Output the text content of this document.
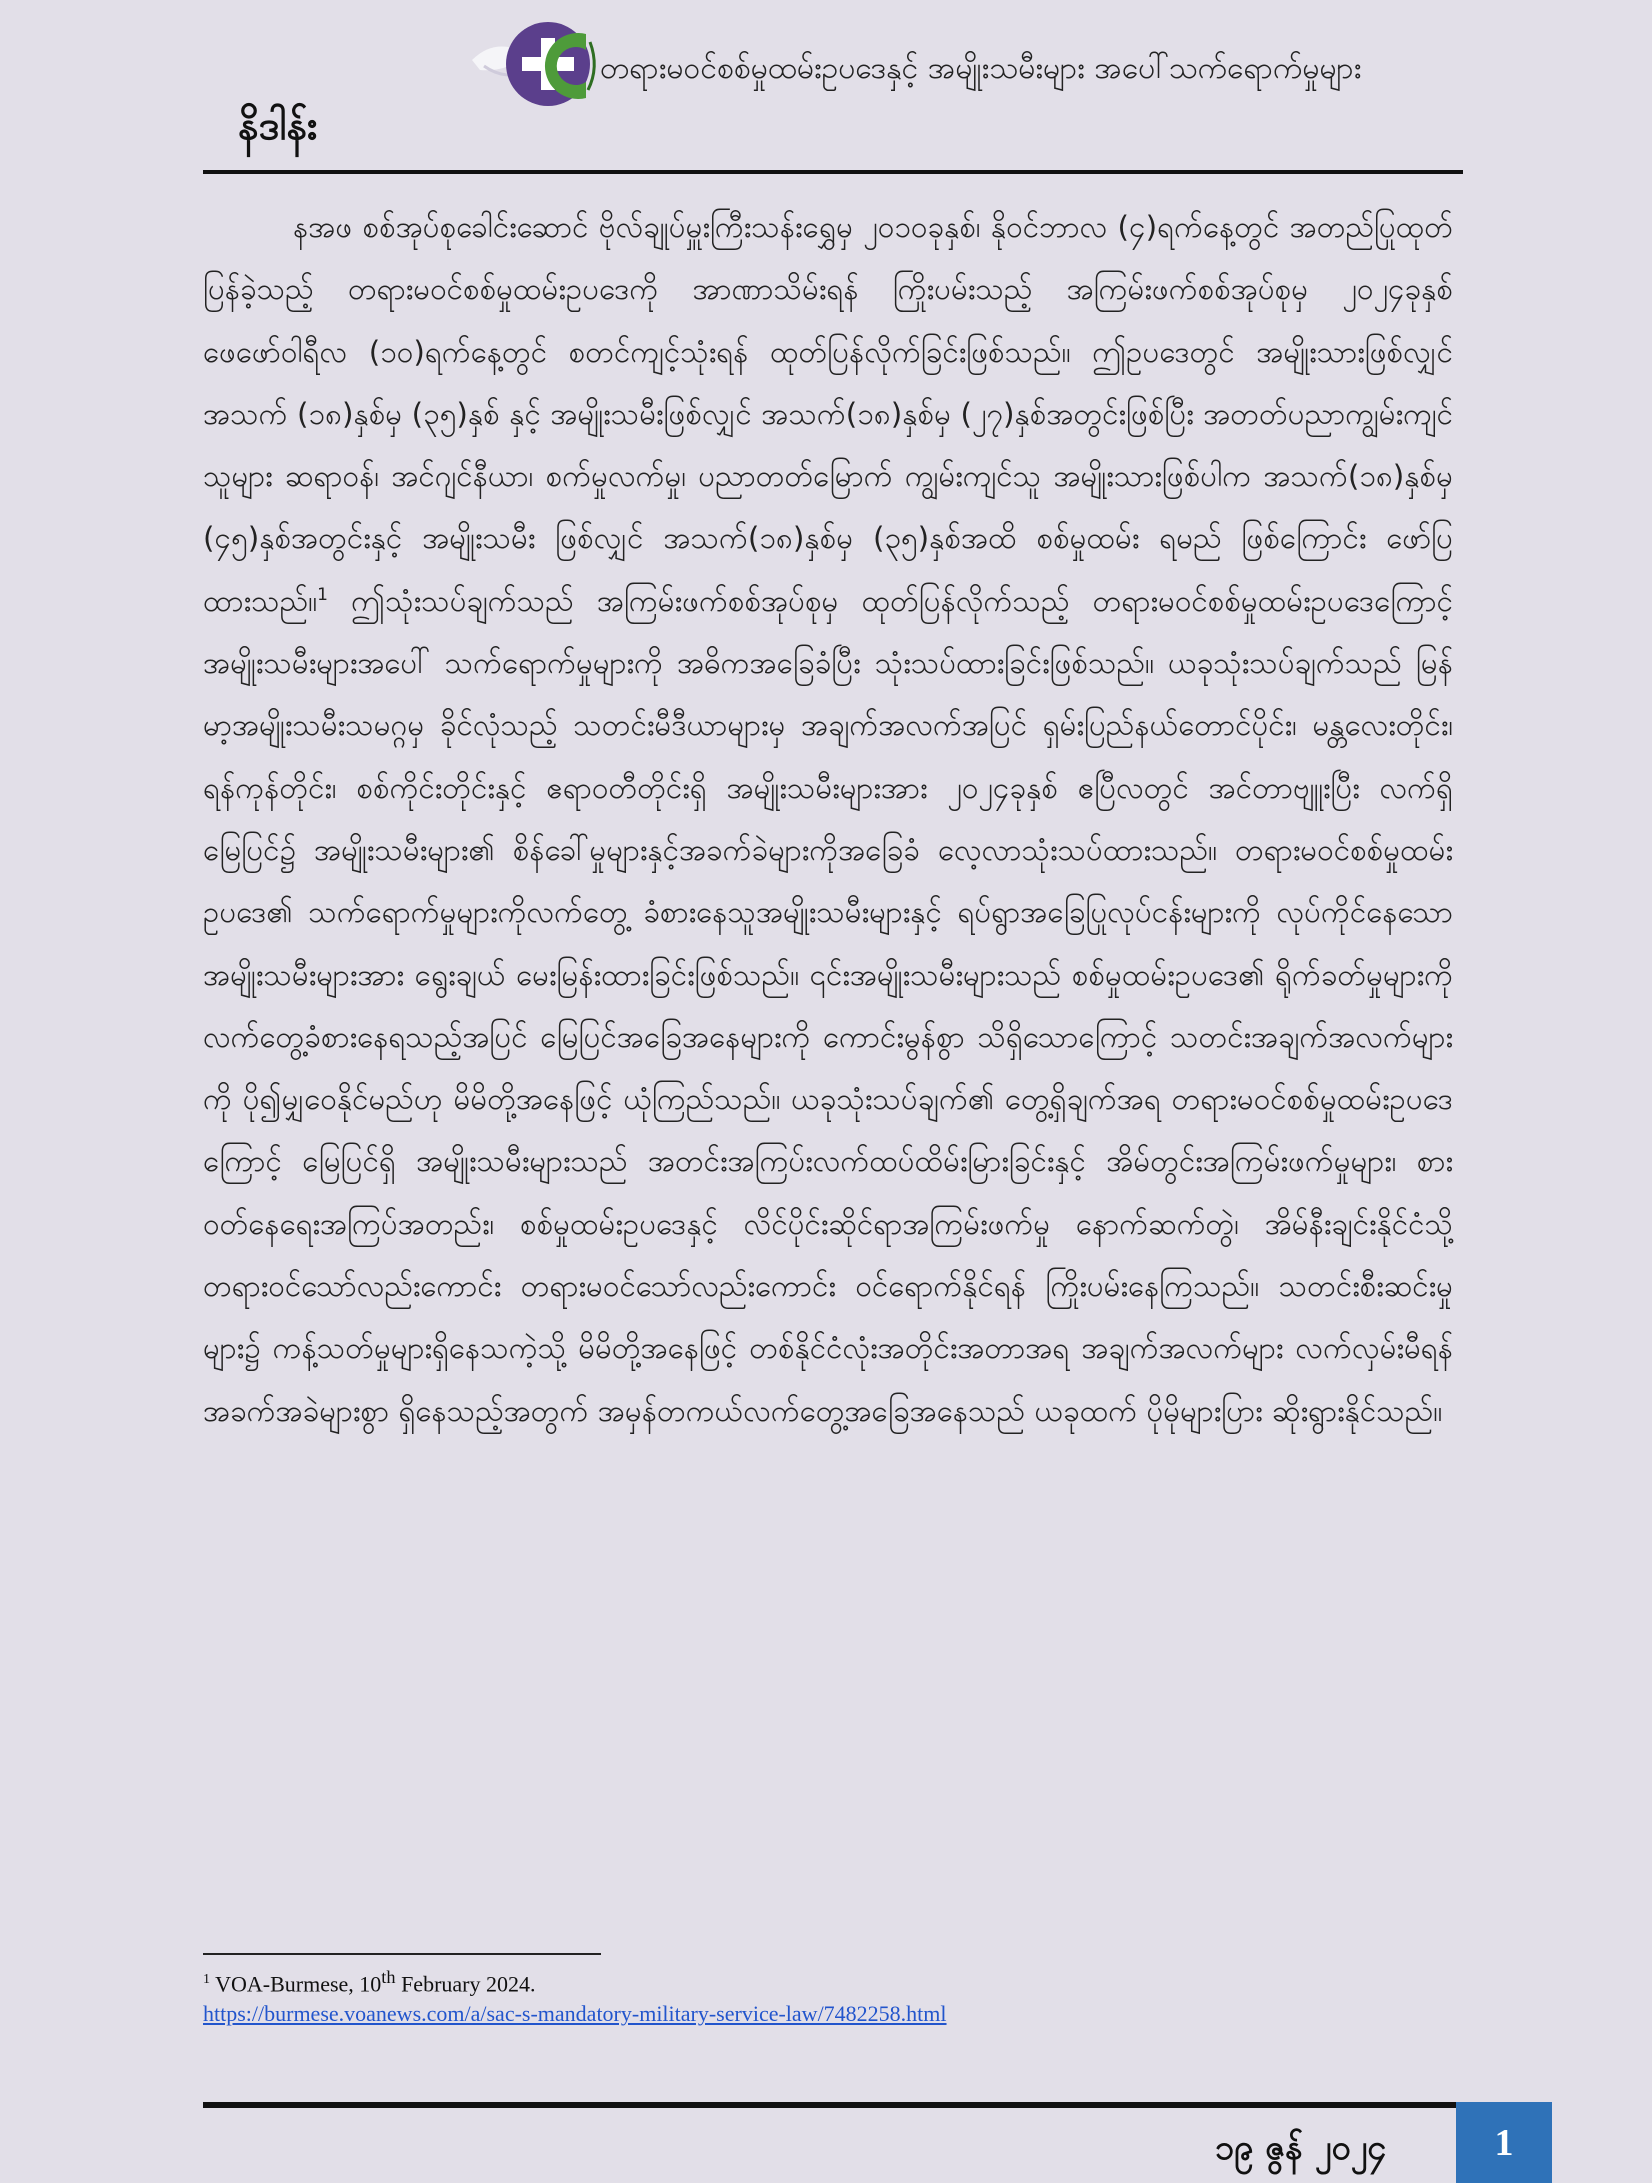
တရားမဝင်စစ်မှုထမ်းဥပဒေနှင့် အမျိုးသမီးများ အပေါ်သက်ရောက်မှုများ
နိဒါန်း

နအဖ စစ်အုပ်စုခေါင်းဆောင် ဗိုလ်ချုပ်မှူးကြီးသန်းရွှေမှ ၂၀၁၀ခုနှစ်၊ နိုဝင်ဘာလ (၄)ရက်နေ့တွင် အတည်ပြုထုတ်ပြန်ခဲ့သည့် တရားမဝင်စစ်မှုထမ်းဥပဒေကို အာဏာသိမ်းရန် ကြိုးပမ်းသည့် အကြမ်းဖက်စစ်အုပ်စုမှ ၂၀၂၄ခုနှစ် ဖေဖော်ဝါရီလ (၁၀)ရက်နေ့တွင် စတင်ကျင့်သုံးရန် ထုတ်ပြန်လိုက်ခြင်းဖြစ်သည်။ ဤဥပဒေတွင် အမျိုးသားဖြစ်လျှင် အသက် (၁၈)နှစ်မှ (၃၅)နှစ် နှင့် အမျိုးသမီးဖြစ်လျှင် အသက်(၁၈)နှစ်မှ (၂၇)နှစ်အတွင်းဖြစ်ပြီး အတတ်ပညာကျွမ်းကျင်သူများ ဆရာဝန်၊ အင်ဂျင်နီယာ၊ စက်မှုလက်မှု၊ ပညာတတ်မြောက် ကျွမ်းကျင်သူ အမျိုးသားဖြစ်ပါက အသက်(၁၈)နှစ်မှ (၄၅)နှစ်အတွင်းနှင့် အမျိုးသမီး ဖြစ်လျှင် အသက်(၁၈)နှစ်မှ (၃၅)နှစ်အထိ စစ်မှုထမ်း ရမည် ဖြစ်ကြောင်း ဖော်ပြထားသည်။$^1$ ဤသုံးသပ်ချက်သည် အကြမ်းဖက်စစ်အုပ်စုမှ ထုတ်ပြန်လိုက်သည့် တရားမဝင်စစ်မှုထမ်းဥပဒေကြောင့် အမျိုးသမီးများအပေါ် သက်ရောက်မှုများကို အဓိကအခြေခံပြီး သုံးသပ်ထားခြင်းဖြစ်သည်။ ယခုသုံးသပ်ချက်သည် မြန်မာ့အမျိုးသမီးသမဂ္ဂမှ ခိုင်လုံသည့် သတင်းမီဒီယာများမှ အချက်အလက်အပြင် ရှမ်းပြည်နယ်တောင်ပိုင်း၊ မန္တလေးတိုင်း၊ ရန်ကုန်တိုင်း၊ စစ်ကိုင်းတိုင်းနှင့် ဧရာဝတီတိုင်းရှိ အမျိုးသမီးများအား ၂၀၂၄ခုနှစ် ဧပြီလတွင် အင်တာဗျူးပြီး လက်ရှိမြေပြင်၌ အမျိုးသမီးများ၏ စိန်ခေါ်မှုများနှင့်အခက်ခဲများကိုအခြေခံ လေ့လာသုံးသပ်ထားသည်။ တရားမဝင်စစ်မှုထမ်းဥပဒေ၏ သက်ရောက်မှုများကိုလက်တွေ့ ခံစားနေသူအမျိုးသမီးများနှင့် ရပ်ရွာအခြေပြုလုပ်ငန်းများကို လုပ်ကိုင်နေသော အမျိုးသမီးများအား ရွေးချယ် မေးမြန်းထားခြင်းဖြစ်သည်။ ၎င်းအမျိုးသမီးများသည် စစ်မှုထမ်းဥပဒေ၏ ရိုက်ခတ်မှုများကို လက်တွေ့ခံစားနေရသည့်အပြင် မြေပြင်အခြေအနေများကို ကောင်းမွန်စွာ သိရှိသောကြောင့် သတင်းအချက်အလက်များကို ပို၍မျှဝေနိုင်မည်ဟု မိမိတို့အနေဖြင့် ယုံကြည်သည်။ ယခုသုံးသပ်ချက်၏ တွေ့ရှိချက်အရ တရားမဝင်စစ်မှုထမ်းဥပဒေကြောင့် မြေပြင်ရှိ အမျိုးသမီးများသည် အတင်းအကြပ်းလက်ထပ်ထိမ်းမြားခြင်းနှင့် အိမ်တွင်းအကြမ်းဖက်မှုများ၊ စားဝတ်နေရေးအကြပ်အတည်း၊ စစ်မှုထမ်းဥပဒေနှင့် လိင်ပိုင်းဆိုင်ရာအကြမ်းဖက်မှု နောက်ဆက်တွဲ၊ အိမ်နီးချင်းနိုင်ငံသို့ တရားဝင်သော်လည်းကောင်း တရားမဝင်သော်လည်းကောင်း ဝင်ရောက်နိုင်ရန် ကြိုးပမ်းနေကြသည်။ သတင်းစီးဆင်းမှုများ၌ ကန့်သတ်မှုများရှိနေသကဲ့သို့ မိမိတို့အနေဖြင့် တစ်နိုင်ငံလုံးအတိုင်းအတာအရ အချက်အလက်များ လက်လှမ်းမီရန် အခက်အခဲများစွာ ရှိနေသည့်အတွက် အမှန်တကယ်လက်တွေ့အခြေအနေသည် ယခုထက် ပိုမိုများပြား ဆိုးရွားနိုင်သည်။

$^1$ VOA-Burmese, 10th February 2024.
https://burmese.voanews.com/a/sac-s-mandatory-military-service-law/7482258.html
၁၉ ဇွန် ၂၀၂၄	1
